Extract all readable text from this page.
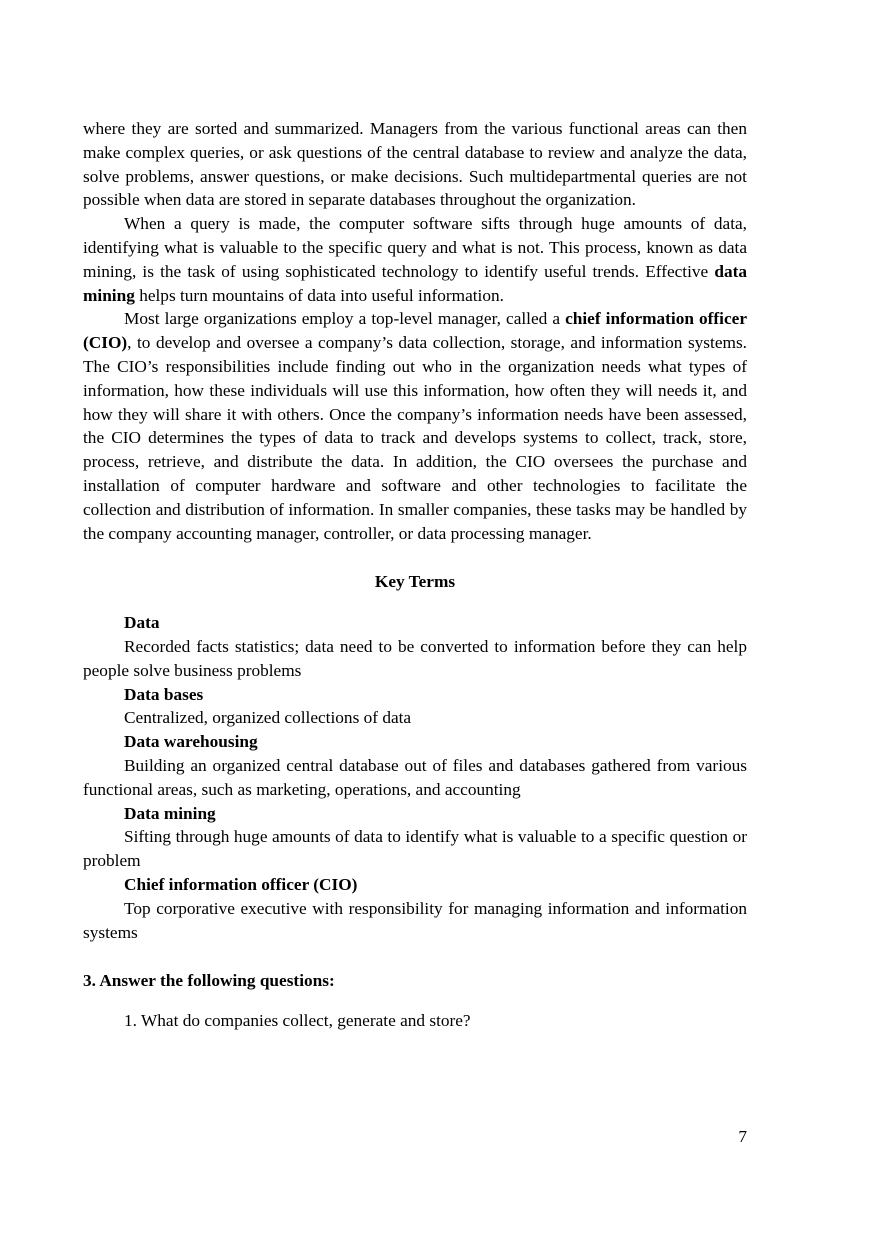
where they are sorted and summarized. Managers from the various functional areas can then make complex queries, or ask questions of the central database to review and analyze the data, solve problems, answer questions, or make decisions. Such multidepartmental queries are not possible when data are stored in separate databases throughout the organization.

When a query is made, the computer software sifts through huge amounts of data, identifying what is valuable to the specific query and what is not. This process, known as data mining, is the task of using sophisticated technology to identify useful trends. Effective data mining helps turn mountains of data into useful information.

Most large organizations employ a top-level manager, called a chief information officer (CIO), to develop and oversee a company’s data collection, storage, and information systems. The CIO’s responsibilities include finding out who in the organization needs what types of information, how these individuals will use this information, how often they will needs it, and how they will share it with others. Once the company’s information needs have been assessed, the CIO determines the types of data to track and develops systems to collect, track, store, process, retrieve, and distribute the data. In addition, the CIO oversees the purchase and installation of computer hardware and software and other technologies to facilitate the collection and distribution of information. In smaller companies, these tasks may be handled by the company accounting manager, controller, or data processing manager.

Key Terms

Data

Recorded facts statistics; data need to be converted to information before they can help people solve business problems

Data bases

Centralized, organized collections of data

Data warehousing

Building an organized central database out of files and databases gathered from various functional areas, such as marketing, operations, and accounting

Data mining

Sifting through huge amounts of data to identify what is valuable to a specific question or problem

Chief information officer (CIO)

Top corporative executive with responsibility for managing information and information systems

3. Answer the following questions:

1. What do companies collect, generate and store?

7
